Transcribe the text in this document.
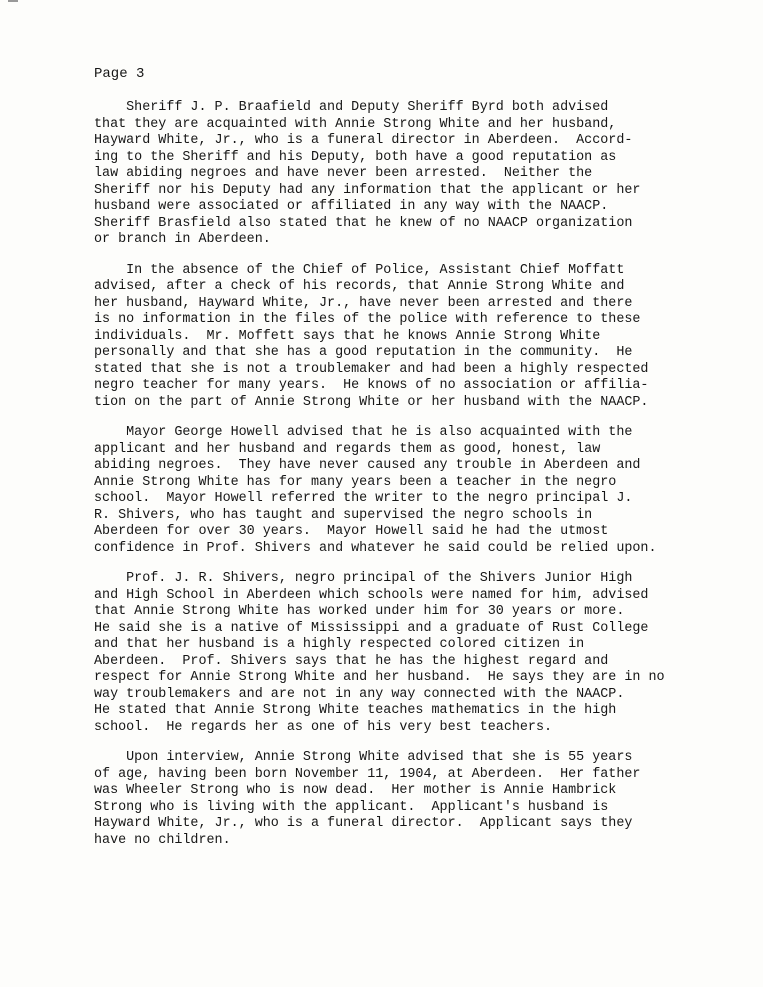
Page 3
Sheriff J. P. Braafield and Deputy Sheriff Byrd both advised
that they are acquainted with Annie Strong White and her husband,
Hayward White, Jr., who is a funeral director in Aberdeen.  Accord-
ing to the Sheriff and his Deputy, both have a good reputation as
law abiding negroes and have never been arrested.  Neither the
Sheriff nor his Deputy had any information that the applicant or her
husband were associated or affiliated in any way with the NAACP.
Sheriff Brasfield also stated that he knew of no NAACP organization
or branch in Aberdeen.
In the absence of the Chief of Police, Assistant Chief Moffatt
advised, after a check of his records, that Annie Strong White and
her husband, Hayward White, Jr., have never been arrested and there
is no information in the files of the police with reference to these
individuals.  Mr. Moffett says that he knows Annie Strong White
personally and that she has a good reputation in the community.  He
stated that she is not a troublemaker and had been a highly respected
negro teacher for many years.  He knows of no association or affilia-
tion on the part of Annie Strong White or her husband with the NAACP.
Mayor George Howell advised that he is also acquainted with the
applicant and her husband and regards them as good, honest, law
abiding negroes.  They have never caused any trouble in Aberdeen and
Annie Strong White has for many years been a teacher in the negro
school.  Mayor Howell referred the writer to the negro principal J.
R. Shivers, who has taught and supervised the negro schools in
Aberdeen for over 30 years.  Mayor Howell said he had the utmost
confidence in Prof. Shivers and whatever he said could be relied upon.
Prof. J. R. Shivers, negro principal of the Shivers Junior High
and High School in Aberdeen which schools were named for him, advised
that Annie Strong White has worked under him for 30 years or more.
He said she is a native of Mississippi and a graduate of Rust College
and that her husband is a highly respected colored citizen in
Aberdeen.  Prof. Shivers says that he has the highest regard and
respect for Annie Strong White and her husband.  He says they are in no
way troublemakers and are not in any way connected with the NAACP.
He stated that Annie Strong White teaches mathematics in the high
school.  He regards her as one of his very best teachers.
Upon interview, Annie Strong White advised that she is 55 years
of age, having been born November 11, 1904, at Aberdeen.  Her father
was Wheeler Strong who is now dead.  Her mother is Annie Hambrick
Strong who is living with the applicant.  Applicant's husband is
Hayward White, Jr., who is a funeral director.  Applicant says they
have no children.
